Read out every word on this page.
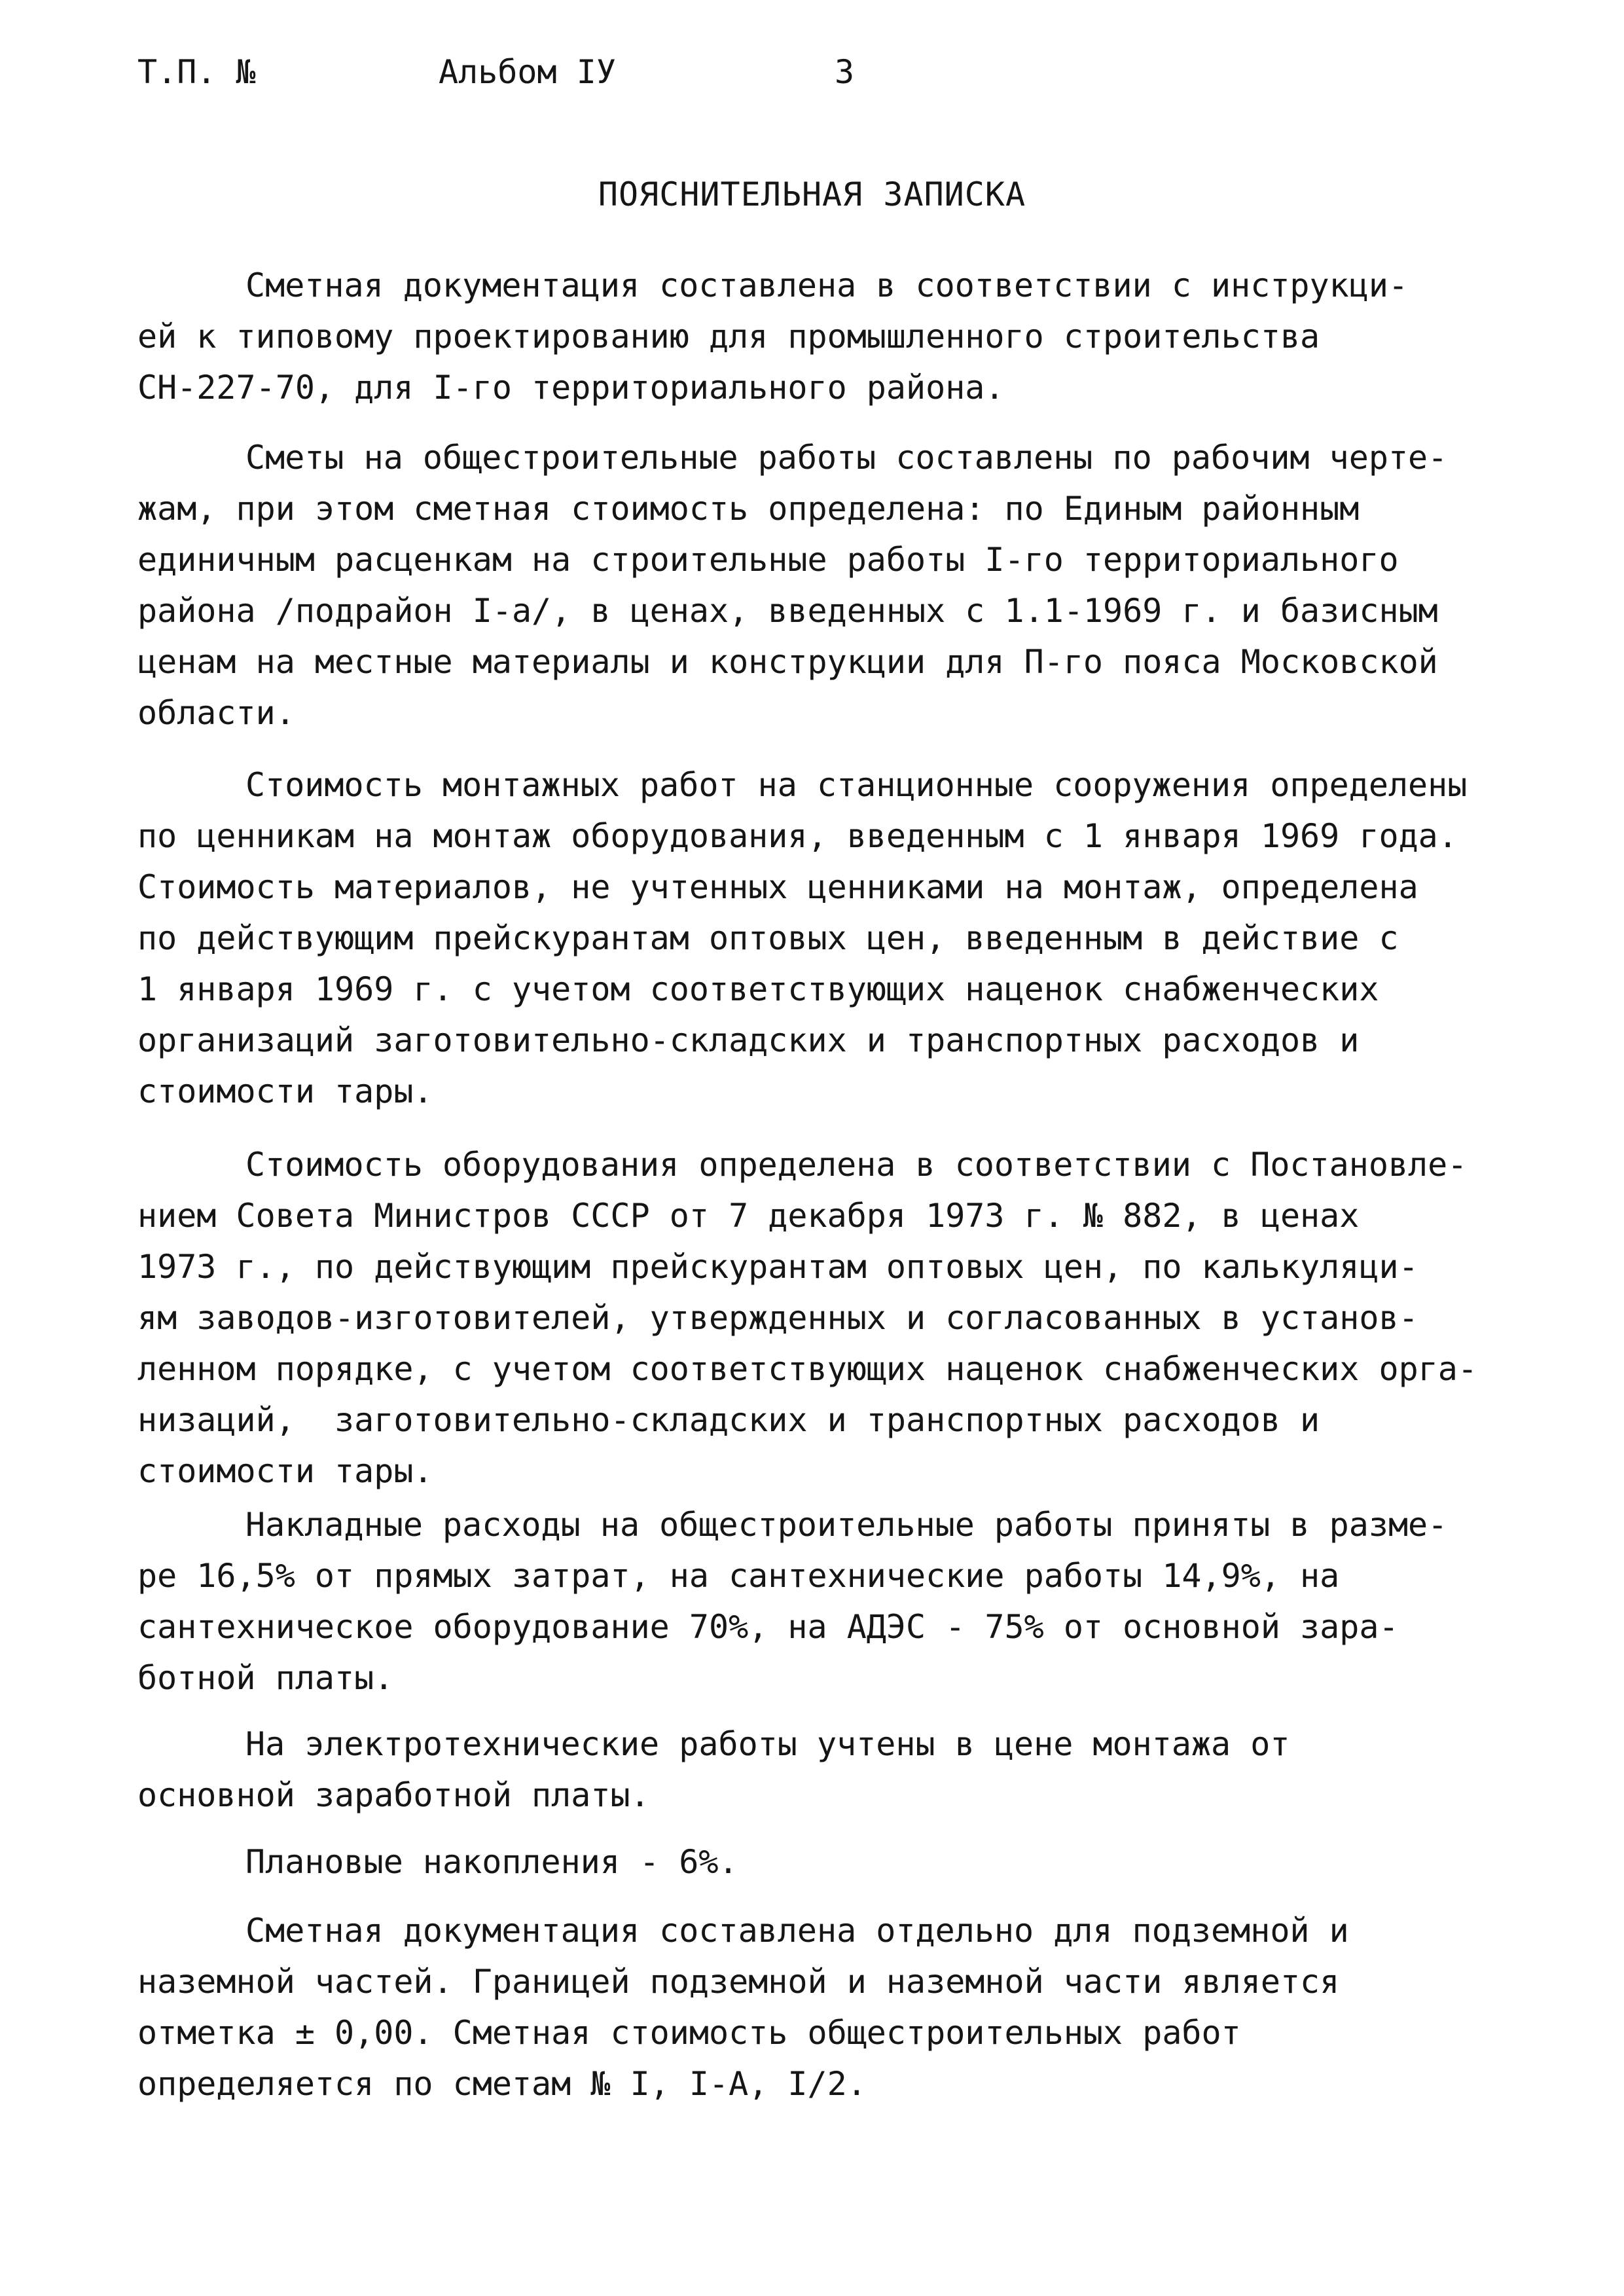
Т.П. №	Альбом IУ	3
ПОЯСНИТЕЛЬНАЯ ЗАПИСКА
Сметная документация составлена в соответствии с инструкци-
ей к типовому проектированию для промышленного строительства
СН-227-70, для I-го территориального района.
Сметы на общестроительные работы составлены по рабочим черте-
жам, при этом сметная стоимость определена: по Единым районным
единичным расценкам на строительные работы I-го территориального
района /подрайон I-а/, в ценах, введенных с 1.1-1969 г. и базисным
ценам на местные материалы и конструкции для П-го пояса Московской
области.
Стоимость монтажных работ на станционные сооружения определены
по ценникам на монтаж оборудования, введенным с 1 января 1969 года.
Стоимость материалов, не учтенных ценниками на монтаж, определена
по действующим прейскурантам оптовых цен, введенным в действие с
1 января 1969 г. с учетом соответствующих наценок снабженческих
организаций заготовительно-складских и транспортных расходов и
стоимости тары.
Стоимость оборудования определена в соответствии с Постановле-
нием Совета Министров СССР от 7 декабря 1973 г. № 882, в ценах
1973 г., по действующим прейскурантам оптовых цен, по калькуляци-
ям заводов-изготовителей, утвержденных и согласованных в установ-
ленном порядке, с учетом соответствующих наценок снабженческих орга-
низаций,  заготовительно-складских и транспортных расходов и
стоимости тары.
Накладные расходы на общестроительные работы приняты в разме-
ре 16,5% от прямых затрат, на сантехнические работы 14,9%, на
сантехническое оборудование 70%, на АДЭС - 75% от основной зара-
ботной платы.
На электротехнические работы учтены в цене монтажа от
основной заработной платы.
Плановые накопления - 6%.
Сметная документация составлена отдельно для подземной и
наземной частей. Границей подземной и наземной части является
отметка ± 0,00. Сметная стоимость общестроительных работ
определяется по сметам № I, I-А, I/2.
